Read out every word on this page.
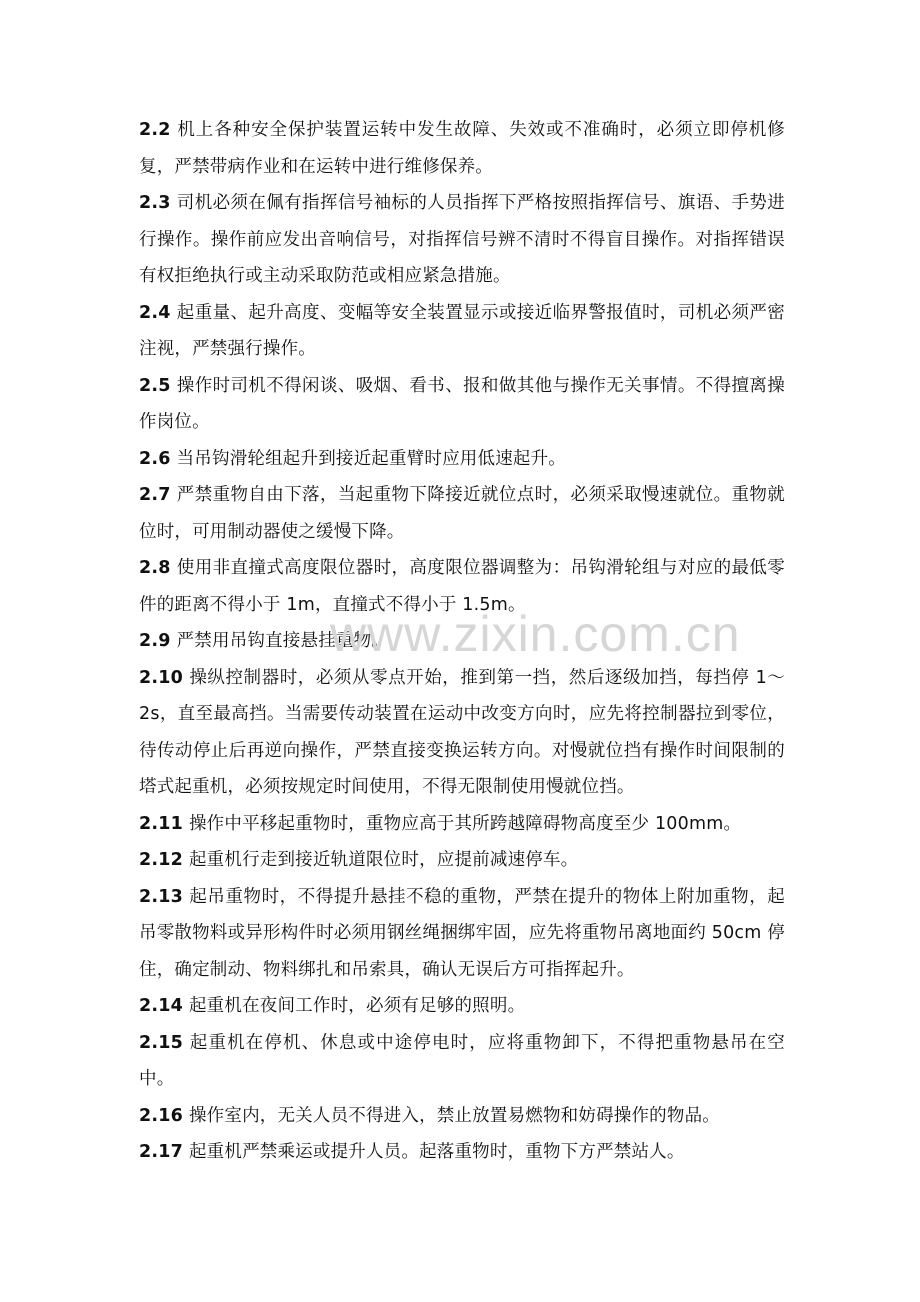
2.2 机上各种安全保护装置运转中发生故障、失效或不准确时，必须立即停机修复，严禁带病作业和在运转中进行维修保养。

2.3 司机必须在佩有指挥信号袖标的人员指挥下严格按照指挥信号、旗语、手势进行操作。操作前应发出音响信号，对指挥信号辨不清时不得盲目操作。对指挥错误有权拒绝执行或主动采取防范或相应紧急措施。

2.4 起重量、起升高度、变幅等安全装置显示或接近临界警报值时，司机必须严密注视，严禁强行操作。

2.5 操作时司机不得闲谈、吸烟、看书、报和做其他与操作无关事情。不得擅离操作岗位。

2.6 当吊钩滑轮组起升到接近起重臂时应用低速起升。

2.7 严禁重物自由下落，当起重物下降接近就位点时，必须采取慢速就位。重物就位时，可用制动器使之缓慢下降。

2.8 使用非直撞式高度限位器时，高度限位器调整为：吊钩滑轮组与对应的最低零件的距离不得小于 1m，直撞式不得小于 1.5m。

2.9 严禁用吊钩直接悬挂重物。

2.10 操纵控制器时，必须从零点开始，推到第一挡，然后逐级加挡，每挡停 1～2s，直至最高挡。当需要传动装置在运动中改变方向时，应先将控制器拉到零位，待传动停止后再逆向操作，严禁直接变换运转方向。对慢就位挡有操作时间限制的塔式起重机，必须按规定时间使用，不得无限制使用慢就位挡。

2.11 操作中平移起重物时，重物应高于其所跨越障碍物高度至少 100mm。

2.12 起重机行走到接近轨道限位时，应提前减速停车。

2.13 起吊重物时，不得提升悬挂不稳的重物，严禁在提升的物体上附加重物，起吊零散物料或异形构件时必须用钢丝绳捆绑牢固，应先将重物吊离地面约 50cm 停住，确定制动、物料绑扎和吊索具，确认无误后方可指挥起升。

2.14 起重机在夜间工作时，必须有足够的照明。

2.15 起重机在停机、休息或中途停电时，应将重物卸下，不得把重物悬吊在空中。

2.16 操作室内，无关人员不得进入，禁止放置易燃物和妨碍操作的物品。

2.17 起重机严禁乘运或提升人员。起落重物时，重物下方严禁站人。

www.zixin.com.cn
